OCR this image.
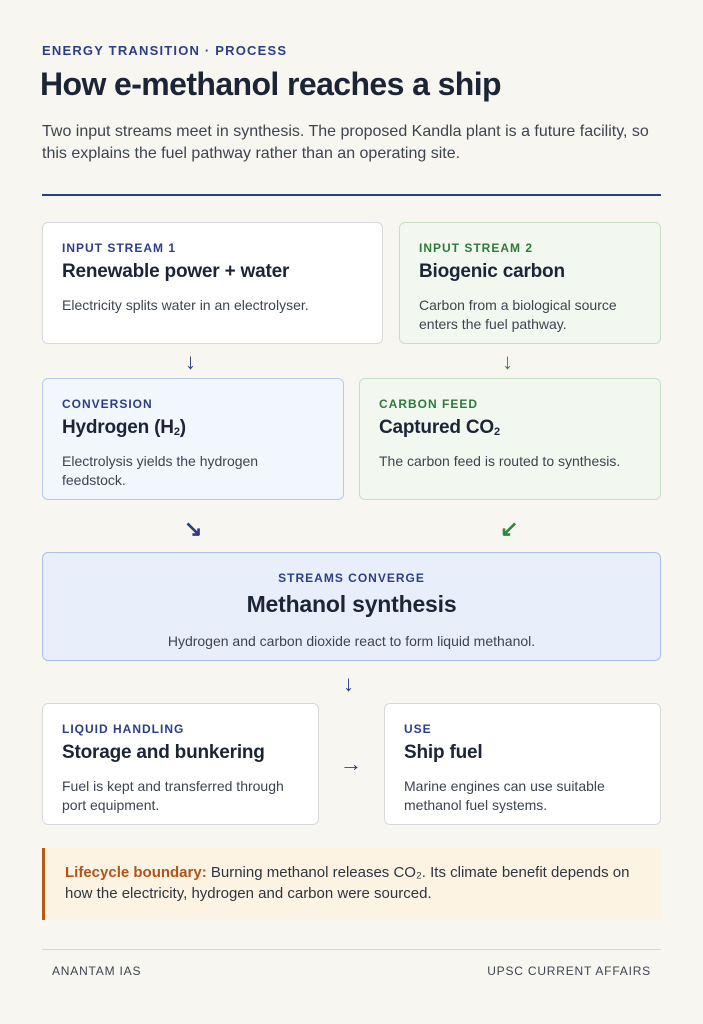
ENERGY TRANSITION · PROCESS
How e-methanol reaches a ship
Two input streams meet in synthesis. The proposed Kandla plant is a future facility, so this explains the fuel pathway rather than an operating site.
INPUT STREAM 1
Renewable power + water
Electricity splits water in an electrolyser.
INPUT STREAM 2
Biogenic carbon
Carbon from a biological source enters the fuel pathway.
↓	↓
CONVERSION
Hydrogen $(H_2)$
Electrolysis yields the hydrogen feedstock.
CARBON FEED
Captured $CO_2$
The carbon feed is routed to synthesis.
↘	↙
STREAMS CONVERGE
Methanol synthesis
Hydrogen and carbon dioxide react to form liquid methanol.
↓
LIQUID HANDLING
Storage and bunkering
Fuel is kept and transferred through port equipment.
→
USE
Ship fuel
Marine engines can use suitable methanol fuel systems.
Lifecycle boundary: Burning methanol releases CO₂. Its climate benefit depends on how the electricity, hydrogen and carbon were sourced.
ANANTAM IAS	UPSC CURRENT AFFAIRS
